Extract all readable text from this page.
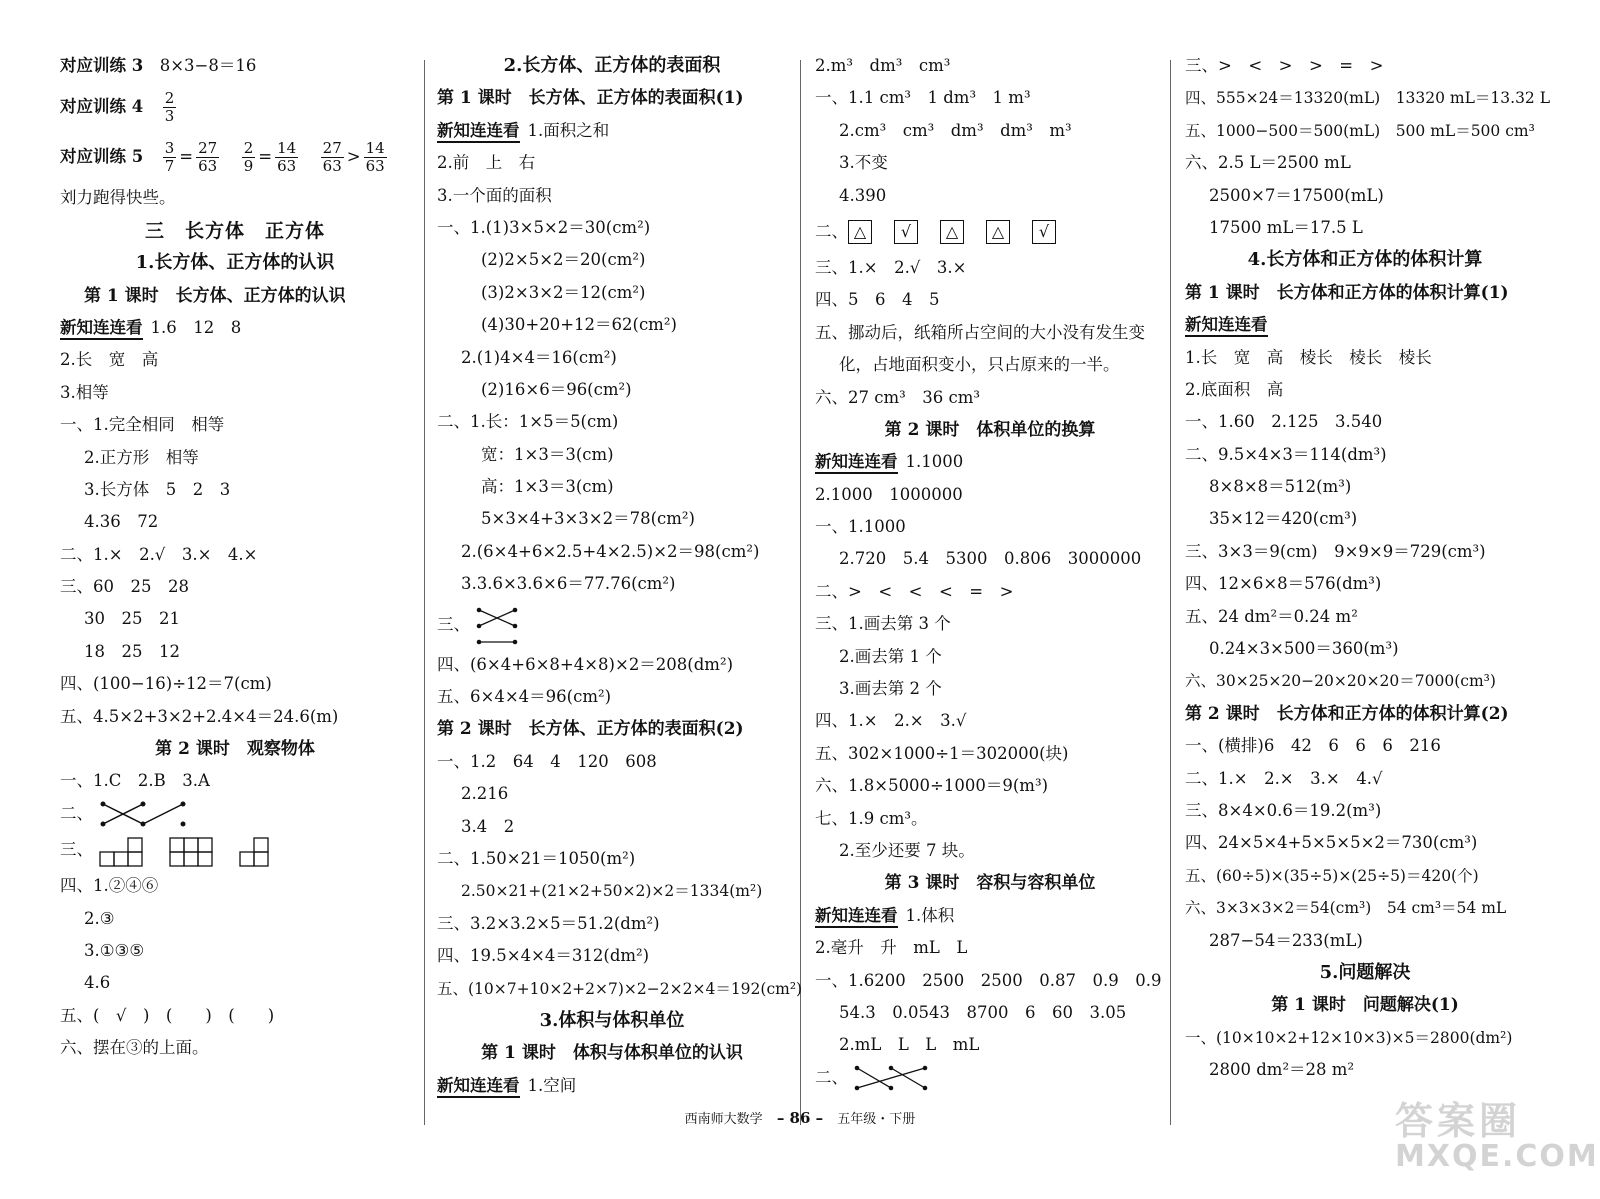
对应训练 3　 8×3−8＝16
对应训练 4　 $\frac{2}{3}$
对应训练 5　 $\frac{3}{7} = \frac{27}{63}$
　 $\frac{2}{9} = \frac{14}{63}$
　 $\frac{27}{63} > \frac{14}{63}$
刘力跑得快些。
三　长方体　正方体
1.长方体、正方体的认识
第 1 课时　长方体、正方体的认识
新知连连看 1.6　12　8
2.长　宽　高
3.相等
一、1.完全相同　相等
2.正方形　相等
3.长方体　5　2　3
4.36　72
二、1.×　2.√　3.×　4.×
三、60　25　28
30　25　21
18　25　12
四、(100−16)÷12＝7(cm)
五、4.5×2+3×2+2.4×4＝24.6(m)
第 2 课时　观察物体
一、1.C　2.B　3.A
二、
三、
四、1.②④⑥
2.③
3.①③⑤
4.6
五、(　√　)　(　　)　(　　)
六、摆在③的上面。
2.长方体、正方体的表面积
第 1 课时　长方体、正方体的表面积(1)
新知连连看 1.面积之和
2.前　上　右
3.一个面的面积
一、1.(1)3×5×2＝30(cm²)
(2)2×5×2＝20(cm²)
(3)2×3×2＝12(cm²)
(4)30+20+12＝62(cm²)
2.(1)4×4＝16(cm²)
(2)16×6＝96(cm²)
二、1.长：1×5＝5(cm)
宽：1×3＝3(cm)
高：1×3＝3(cm)
5×3×4+3×3×2＝78(cm²)
2.(6×4+6×2.5+4×2.5)×2＝98(cm²)
3.3.6×3.6×6＝77.76(cm²)
三、
四、(6×4+6×8+4×8)×2＝208(dm²)
五、6×4×4＝96(cm²)
第 2 课时　长方体、正方体的表面积(2)
一、1.2　64　4　120　608
2.216
3.4　2
二、1.50×21＝1050(m²)
2.50×21+(21×2+50×2)×2＝1334(m²)
三、3.2×3.2×5＝51.2(dm²)
四、19.5×4×4＝312(dm²)
五、(10×7+10×2+2×7)×2−2×2×4＝192(cm²)
3.体积与体积单位
第 1 课时　体积与体积单位的认识
新知连连看 1.空间
2.m³　dm³　cm³
一、1.1 cm³　1 dm³　1 m³
2.cm³　cm³　dm³　dm³　m³
3.不变
4.390
二、 △ √ △ △ √
三、1.×　2.√　3.×
四、5　6　4　5
五、挪动后，纸箱所占空间的大小没有发生变
化，占地面积变小，只占原来的一半。
六、27 cm³　36 cm³
第 2 课时　体积单位的换算
新知连连看 1.1000
2.1000　1000000
一、1.1000
2.720　5.4　5300　0.806　3000000
二、>　<　<　<　=　>
三、1.画去第 3 个
2.画去第 1 个
3.画去第 2 个
四、1.×　2.×　3.√
五、302×1000÷1＝302000(块)
六、1.8×5000÷1000＝9(m³)
七、1.9 cm³。
2.至少还要 7 块。
第 3 课时　容积与容积单位
新知连连看 1.体积
2.毫升　升　mL　L
一、1.6200　2500　2500　0.87　0.9　0.9
54.3　0.0543　8700　6　60　3.05
2.mL　L　L　mL
二、
三、>　<　>　>　=　>
四、555×24＝13320(mL)　13320 mL＝13.32 L
五、1000−500＝500(mL)　500 mL＝500 cm³
六、2.5 L＝2500 mL
2500×7＝17500(mL)
17500 mL＝17.5 L
4.长方体和正方体的体积计算
第 1 课时　长方体和正方体的体积计算(1)
新知连连看
1.长　宽　高　棱长　棱长　棱长
2.底面积　高
一、1.60　2.125　3.540
二、9.5×4×3＝114(dm³)
8×8×8＝512(m³)
35×12＝420(cm³)
三、3×3＝9(cm)　9×9×9＝729(cm³)
四、12×6×8＝576(dm³)
五、24 dm²＝0.24 m²
0.24×3×500＝360(m³)
六、30×25×20−20×20×20＝7000(cm³)
第 2 课时　长方体和正方体的体积计算(2)
一、(横排)6　42　6　6　6　216
二、1.×　2.×　3.×　4.√
三、8×4×0.6＝19.2(m³)
四、24×5×4+5×5×5×2＝730(cm³)
五、(60÷5)×(35÷5)×(25÷5)＝420(个)
六、3×3×3×2＝54(cm³)　54 cm³＝54 mL
287−54＝233(mL)
5.问题解决
第 1 课时　问题解决(1)
一、(10×10×2+12×10×3)×5＝2800(dm²)
2800 dm²＝28 m²
西南师大数学 – 86 – 五年级・下册	答案圈
MXQE.COM
